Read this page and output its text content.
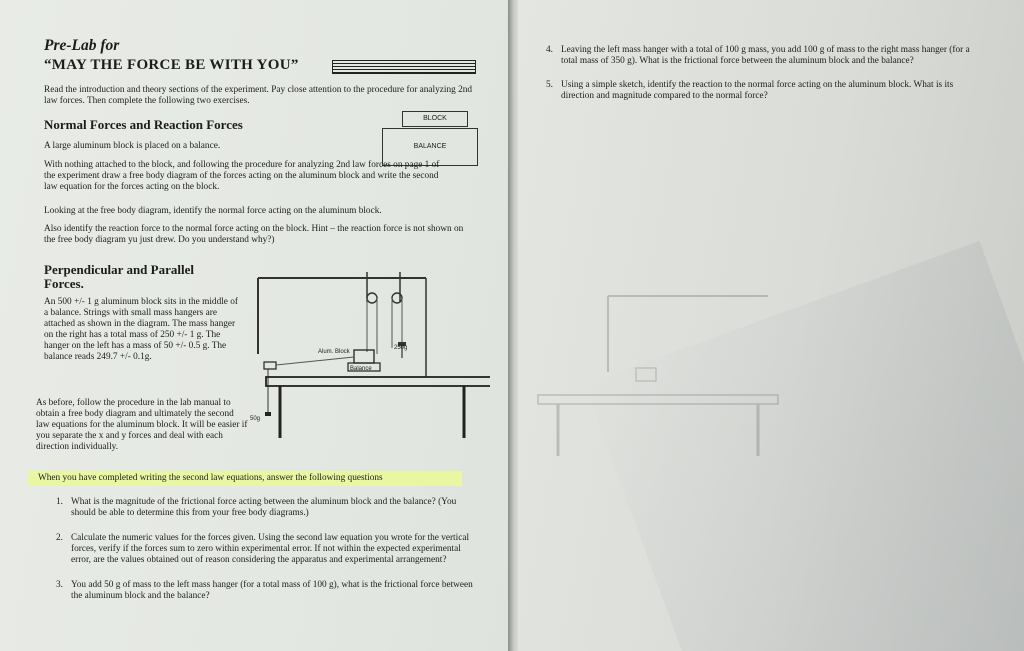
Pre-Lab for
“MAY THE FORCE BE WITH YOU”
Read the introduction and theory sections of the experiment. Pay close attention to the procedure for analyzing 2nd law forces. Then complete the following two exercises.
Normal Forces and Reaction Forces	BLOCK
BALANCE
A large aluminum block is placed on a balance.
With nothing attached to the block, and following the procedure for analyzing 2nd law forces on page 1 of the experiment draw a free body diagram of the forces acting on the aluminum block and write the second law equation for the forces acting on the block.
Looking at the free body diagram, identify the normal force acting on the aluminum block.
Also identify the reaction force to the normal force acting on the block. Hint – the reaction force is not shown on the free body diagram yu just drew. Do you understand why?)
Perpendicular and Parallel
Forces.
An 500 +/- 1 g aluminum block sits in the middle of a balance. Strings with small mass hangers are attached as shown in the diagram. The mass hanger on the right has a total mass of 250 +/- 1 g. The hanger on the left has a mass of 50 +/- 0.5 g. The balance reads 249.7 +/- 0.1g.
As before, follow the procedure in the lab manual to obtain a free body diagram and ultimately the second law equations for the aluminum block. It will be easier if you separate the x and y forces and deal with each direction individually.
Alum. Block
Balance
250g
50g
When you have completed writing the second law equations, answer the following questions
1. What is the magnitude of the frictional force acting between the aluminum block and the balance? (You should be able to determine this from your free body diagrams.)
2. Calculate the numeric values for the forces given. Using the second law equation you wrote for the vertical forces, verify if the forces sum to zero within experimental error. If not within the expected experimental error, are the values obtained out of reason considering the apparatus and experimental arrangement?
3. You add 50 g of mass to the left mass hanger (for a total mass of 100 g), what is the frictional force between the aluminum block and the balance?
4. Leaving the left mass hanger with a total of 100 g mass, you add 100 g of mass to the right mass hanger (for a total mass of 350 g). What is the frictional force between the aluminum block and the balance?
5. Using a simple sketch, identify the reaction to the normal force acting on the aluminum block. What is its direction and magnitude compared to the normal force?
